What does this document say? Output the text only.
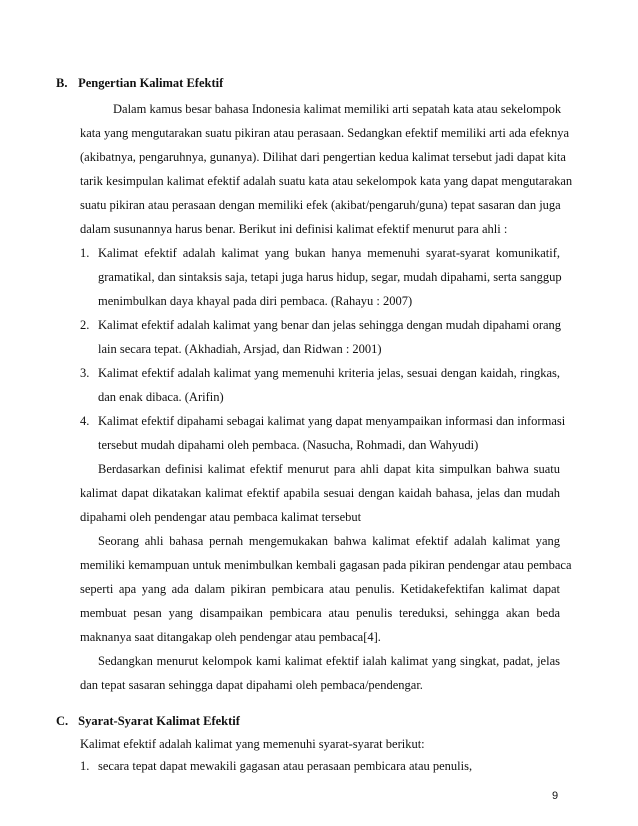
B. Pengertian Kalimat Efektif
Dalam kamus besar bahasa Indonesia kalimat memiliki arti sepatah kata atau sekelompok
kata yang mengutarakan suatu pikiran atau perasaan. Sedangkan efektif memiliki arti ada efeknya
(akibatnya, pengaruhnya, gunanya). Dilihat dari pengertian kedua kalimat tersebut jadi dapat kita
tarik kesimpulan kalimat efektif adalah suatu kata atau sekelompok kata yang dapat mengutarakan
suatu pikiran atau perasaan dengan memiliki efek (akibat/pengaruh/guna) tepat sasaran dan juga
dalam susunannya harus benar. Berikut ini definisi kalimat efektif menurut para ahli :
1. Kalimat efektif adalah kalimat yang bukan hanya memenuhi syarat-syarat komunikatif,
gramatikal, dan sintaksis saja, tetapi juga harus hidup, segar, mudah dipahami, serta sanggup
menimbulkan daya khayal pada diri pembaca. (Rahayu : 2007)
2. Kalimat efektif adalah kalimat yang benar dan jelas sehingga dengan mudah dipahami orang
lain secara tepat. (Akhadiah, Arsjad, dan Ridwan : 2001)
3. Kalimat efektif adalah kalimat yang memenuhi kriteria jelas, sesuai dengan kaidah, ringkas,
dan enak dibaca. (Arifin)
4. Kalimat efektif dipahami sebagai kalimat yang dapat menyampaikan informasi dan informasi
tersebut mudah dipahami oleh pembaca. (Nasucha, Rohmadi, dan Wahyudi)
Berdasarkan definisi kalimat efektif menurut para ahli dapat kita simpulkan bahwa suatu
kalimat dapat dikatakan kalimat efektif apabila sesuai dengan kaidah bahasa, jelas dan mudah
dipahami oleh pendengar atau pembaca kalimat tersebut
Seorang ahli bahasa pernah mengemukakan bahwa kalimat efektif adalah kalimat yang
memiliki kemampuan untuk menimbulkan kembali gagasan pada pikiran pendengar atau pembaca
seperti apa yang ada dalam pikiran pembicara atau penulis. Ketidakefektifan kalimat dapat
membuat pesan yang disampaikan pembicara atau penulis tereduksi, sehingga akan beda
maknanya saat ditangakap oleh pendengar atau pembaca[4].
Sedangkan menurut kelompok kami kalimat efektif ialah kalimat yang singkat, padat, jelas
dan tepat sasaran sehingga dapat dipahami oleh pembaca/pendengar.
C. Syarat-Syarat Kalimat Efektif
Kalimat efektif adalah kalimat yang memenuhi syarat-syarat berikut:
1. secara tepat dapat mewakili gagasan atau perasaan pembicara atau penulis,
9
